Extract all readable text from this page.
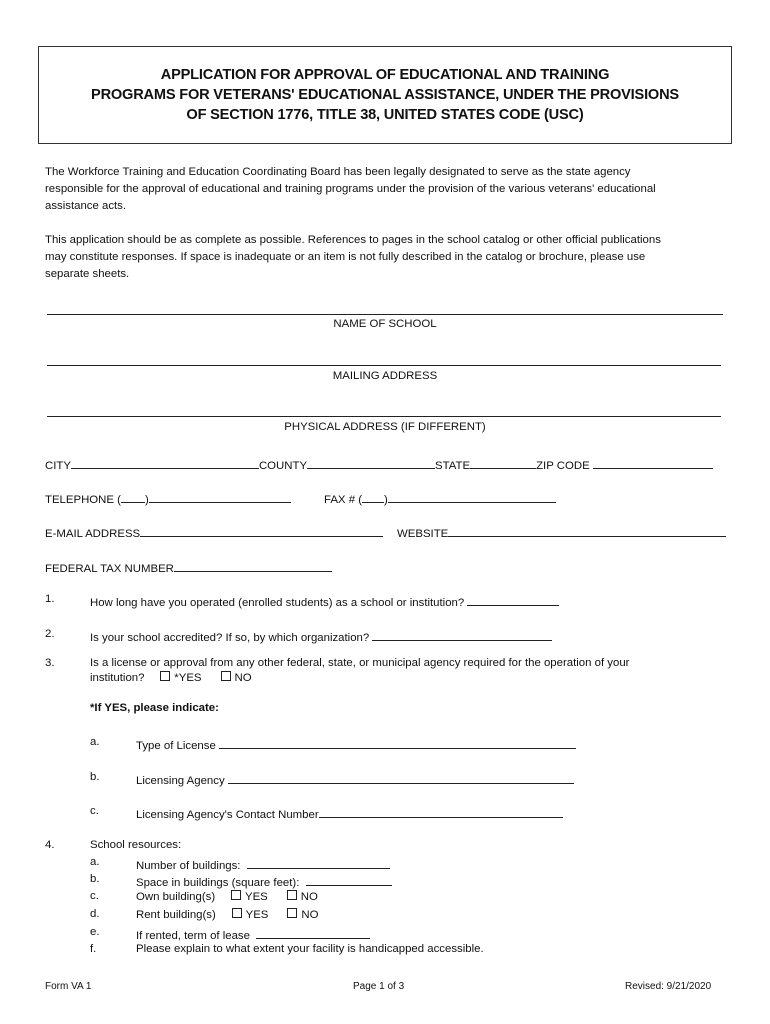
APPLICATION FOR APPROVAL OF EDUCATIONAL AND TRAINING
PROGRAMS FOR VETERANS' EDUCATIONAL ASSISTANCE, UNDER THE PROVISIONS
OF SECTION 1776, TITLE 38, UNITED STATES CODE (USC)
The Workforce Training and Education Coordinating Board has been legally designated to serve as the state agency
responsible for the approval of educational and training programs under the provision of the various veterans' educational
assistance acts.
This application should be as complete as possible. References to pages in the school catalog or other official publications
may constitute responses. If space is inadequate or an item is not fully described in the catalog or brochure, please use
separate sheets.
NAME OF SCHOOL
MAILING ADDRESS
PHYSICAL ADDRESS (IF DIFFERENT)
CITY	COUNTY	STATE	ZIP CODE
TELEPHONE ( )	FAX # ( )
E-MAIL ADDRESS	WEBSITE
FEDERAL TAX NUMBER
1.	How long have you operated (enrolled students) as a school or institution?
2.	Is your school accredited? If so, by which organization?
3.	Is a license or approval from any other federal, state, or municipal agency required for the operation of your
institution?	*YES	NO
*If YES, please indicate:
a.	Type of License
b.	Licensing Agency
c.	Licensing Agency's Contact Number
4.	School resources:
a.	Number of buildings:
b.	Space in buildings (square feet):
c.	Own building(s)	YES	NO
d.	Rent building(s)	YES	NO
e.	If rented, term of lease
f.	Please explain to what extent your facility is handicapped accessible.
Form VA 1	Page 1 of 3	Revised: 9/21/2020
